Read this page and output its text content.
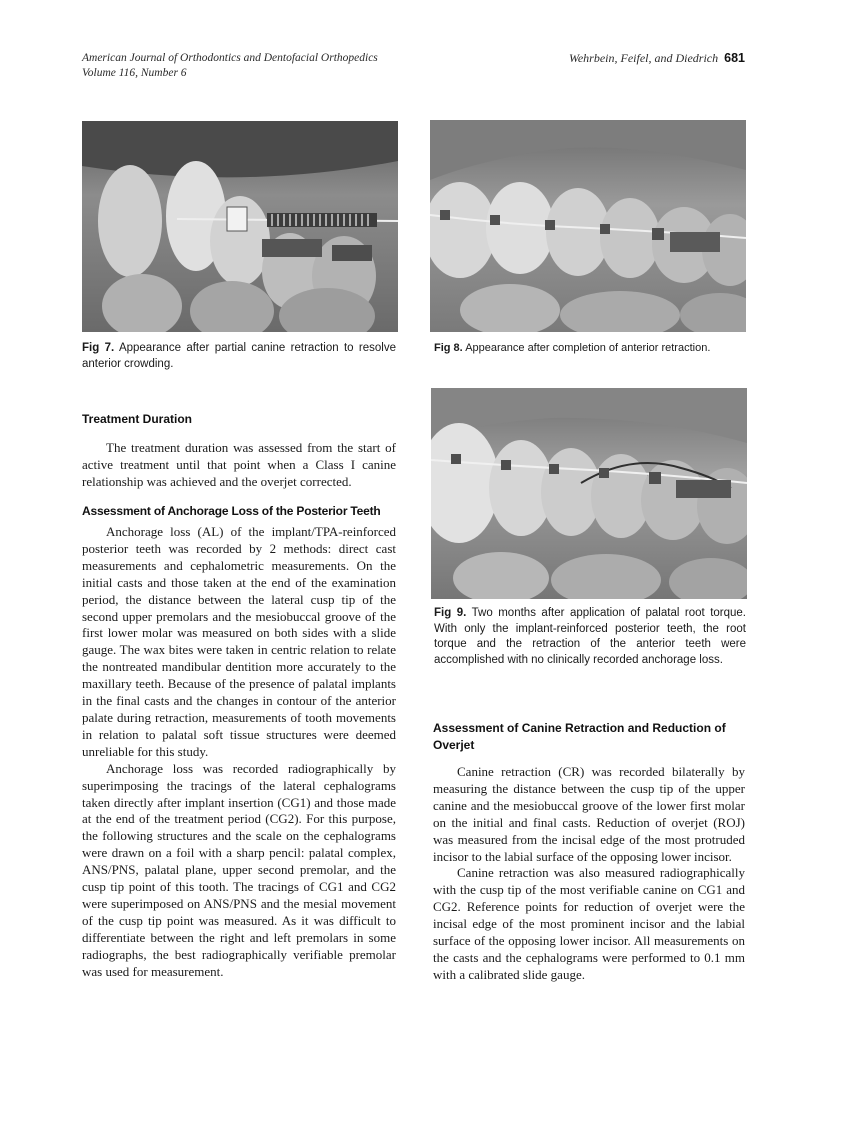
American Journal of Orthodontics and Dentofacial Orthopedics
Volume 116, Number 6
Wehrbein, Feifel, and Diedrich 681
Fig 7. Appearance after partial canine retraction to resolve anterior crowding.
Fig 8. Appearance after completion of anterior retraction.
Fig 9. Two months after application of palatal root torque. With only the implant-reinforced posterior teeth, the root torque and the retraction of the anterior teeth were accomplished with no clinically recorded anchorage loss.
Treatment Duration

The treatment duration was assessed from the start of active treatment until that point when a Class I canine relationship was achieved and the overjet corrected.

Assessment of Anchorage Loss of the Posterior Teeth

Anchorage loss (AL) of the implant/TPA-reinforced posterior teeth was recorded by 2 methods: direct cast measurements and cephalometric measurements. On the initial casts and those taken at the end of the examination period, the distance between the lateral cusp tip of the second upper premolars and the mesiobuccal groove of the first lower molar was measured on both sides with a slide gauge. The wax bites were taken in centric relation to relate the nontreated mandibular dentition more accurately to the maxillary teeth. Because of the presence of palatal implants in the final casts and the changes in contour of the anterior palate during retraction, measurements of tooth movements in relation to palatal soft tissue structures were deemed unreliable for this study.

Anchorage loss was recorded radiographically by superimposing the tracings of the lateral cephalograms taken directly after implant insertion (CG1) and those made at the end of the treatment period (CG2). For this purpose, the following structures and the scale on the cephalograms were drawn on a foil with a sharp pencil: palatal complex, ANS/PNS, palatal plane, upper second premolar, and the cusp tip point of this tooth. The tracings of CG1 and CG2 were superimposed on ANS/PNS and the mesial movement of the cusp tip point was measured. As it was difficult to differentiate between the right and left premolars in some radiographs, the best radiographically verifiable premolar was used for measurement.

Assessment of Canine Retraction and Reduction of Overjet

Canine retraction (CR) was recorded bilaterally by measuring the distance between the cusp tip of the upper canine and the mesiobuccal groove of the lower first molar on the initial and final casts. Reduction of overjet (ROJ) was measured from the incisal edge of the most protruded incisor to the labial surface of the opposing lower incisor.

Canine retraction was also measured radiographically with the cusp tip of the most verifiable canine on CG1 and CG2. Reference points for reduction of overjet were the incisal edge of the most prominent incisor and the labial surface of the opposing lower incisor. All measurements on the casts and the cephalograms were performed to 0.1 mm with a calibrated slide gauge.
